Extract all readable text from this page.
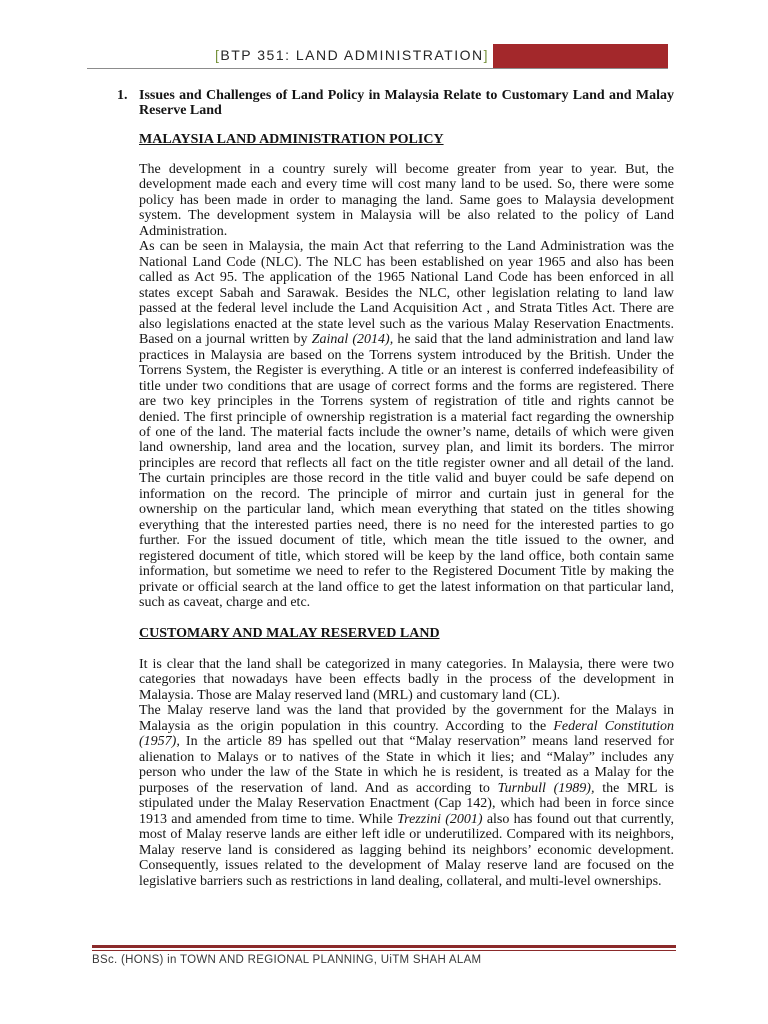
[BTP 351: LAND ADMINISTRATION]
1. Issues and Challenges of Land Policy in Malaysia Relate to Customary Land and Malay
Reserve Land
MALAYSIA LAND ADMINISTRATION POLICY
The development in a country surely will become greater from year to year. But, the
development made each and every time will cost many land to be used. So, there were some
policy has been made in order to managing the land. Same goes to Malaysia development
system. The development system in Malaysia will be also related to the policy of Land
Administration.
As can be seen in Malaysia, the main Act that referring to the Land Administration was the
National Land Code (NLC). The NLC has been established on year 1965 and also has been
called as Act 95. The application of the 1965 National Land Code has been enforced in all
states except Sabah and Sarawak. Besides the NLC, other legislation relating to land law
passed at the federal level include the Land Acquisition Act , and Strata Titles Act. There are
also legislations enacted at the state level such as the various Malay Reservation Enactments.
Based on a journal written by Zainal (2014), he said that the land administration and land law
practices in Malaysia are based on the Torrens system introduced by the British. Under the
Torrens System, the Register is everything. A title or an interest is conferred indefeasibility of
title under two conditions that are usage of correct forms and the forms are registered. There
are two key principles in the Torrens system of registration of title and rights cannot be
denied. The first principle of ownership registration is a material fact regarding the ownership
of one of the land. The material facts include the owner’s name, details of which were given
land ownership, land area and the location, survey plan, and limit its borders. The mirror
principles are record that reflects all fact on the title register owner and all detail of the land.
The curtain principles are those record in the title valid and buyer could be safe depend on
information on the record. The principle of mirror and curtain just in general for the
ownership on the particular land, which mean everything that stated on the titles showing
everything that the interested parties need, there is no need for the interested parties to go
further. For the issued document of title, which mean the title issued to the owner, and
registered document of title, which stored will be keep by the land office, both contain same
information, but sometime we need to refer to the Registered Document Title by making the
private or official search at the land office to get the latest information on that particular land,
such as caveat, charge and etc.
CUSTOMARY AND MALAY RESERVED LAND
It is clear that the land shall be categorized in many categories. In Malaysia, there were two
categories that nowadays have been effects badly in the process of the development in
Malaysia. Those are Malay reserved land (MRL) and customary land (CL).
The Malay reserve land was the land that provided by the government for the Malays in
Malaysia as the origin population in this country. According to the Federal Constitution
(1957), In the article 89 has spelled out that “Malay reservation” means land reserved for
alienation to Malays or to natives of the State in which it lies; and “Malay” includes any
person who under the law of the State in which he is resident, is treated as a Malay for the
purposes of the reservation of land. And as according to Turnbull (1989), the MRL is
stipulated under the Malay Reservation Enactment (Cap 142), which had been in force since
1913 and amended from time to time. While Trezzini (2001) also has found out that currently,
most of Malay reserve lands are either left idle or underutilized. Compared with its neighbors,
Malay reserve land is considered as lagging behind its neighbors’ economic development.
Consequently, issues related to the development of Malay reserve land are focused on the
legislative barriers such as restrictions in land dealing, collateral, and multi-level ownerships.
BSc. (HONS) in TOWN AND REGIONAL PLANNING, UiTM SHAH ALAM
